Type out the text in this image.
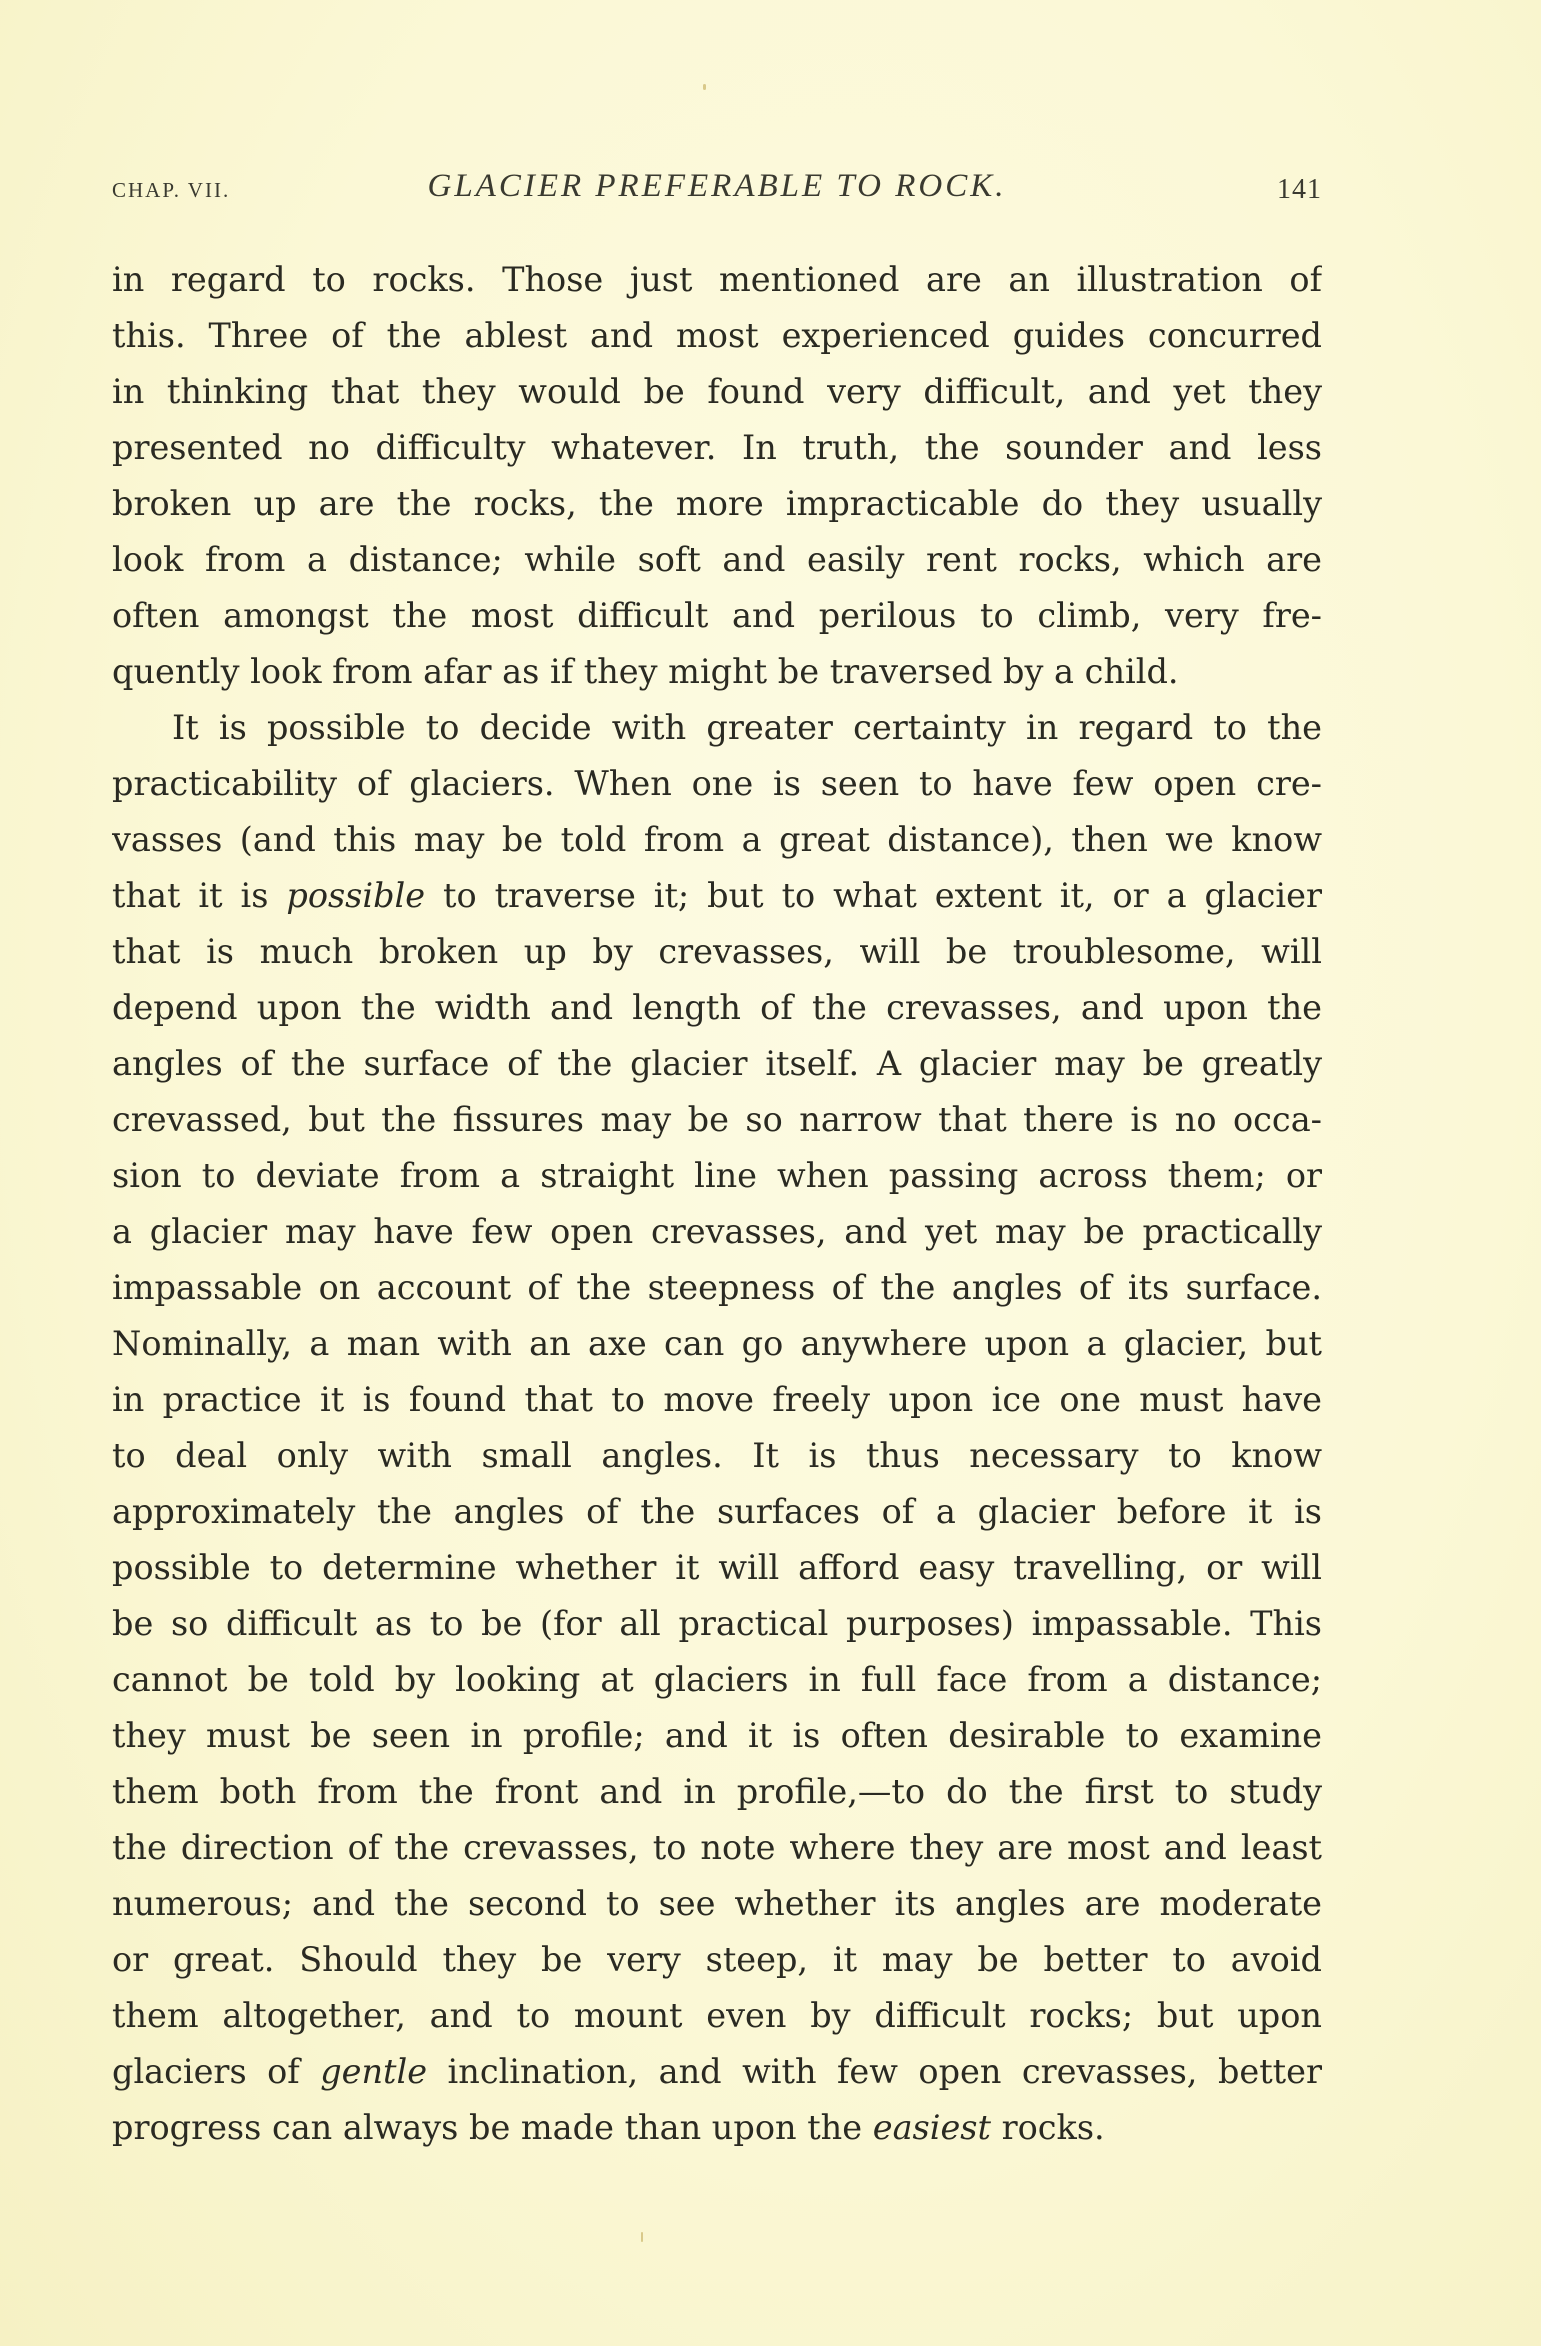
CHAP. VII.	GLACIER PREFERABLE TO ROCK.	141
in regard to rocks. Those just mentioned are an illustration of
this. Three of the ablest and most experienced guides concurred
in thinking that they would be found very difficult, and yet they
presented no difficulty whatever. In truth, the sounder and less
broken up are the rocks, the more impracticable do they usually
look from a distance; while soft and easily rent rocks, which are
often amongst the most difficult and perilous to climb, very fre-
quently look from afar as if they might be traversed by a child.
It is possible to decide with greater certainty in regard to the
practicability of glaciers. When one is seen to have few open cre-
vasses (and this may be told from a great distance), then we know
that it is possible to traverse it; but to what extent it, or a glacier
that is much broken up by crevasses, will be troublesome, will
depend upon the width and length of the crevasses, and upon the
angles of the surface of the glacier itself. A glacier may be greatly
crevassed, but the fissures may be so narrow that there is no occa-
sion to deviate from a straight line when passing across them; or
a glacier may have few open crevasses, and yet may be practically
impassable on account of the steepness of the angles of its surface.
Nominally, a man with an axe can go anywhere upon a glacier, but
in practice it is found that to move freely upon ice one must have
to deal only with small angles. It is thus necessary to know
approximately the angles of the surfaces of a glacier before it is
possible to determine whether it will afford easy travelling, or will
be so difficult as to be (for all practical purposes) impassable. This
cannot be told by looking at glaciers in full face from a distance;
they must be seen in profile; and it is often desirable to examine
them both from the front and in profile,—to do the first to study
the direction of the crevasses, to note where they are most and least
numerous; and the second to see whether its angles are moderate
or great. Should they be very steep, it may be better to avoid
them altogether, and to mount even by difficult rocks; but upon
glaciers of gentle inclination, and with few open crevasses, better
progress can always be made than upon the easiest rocks.
